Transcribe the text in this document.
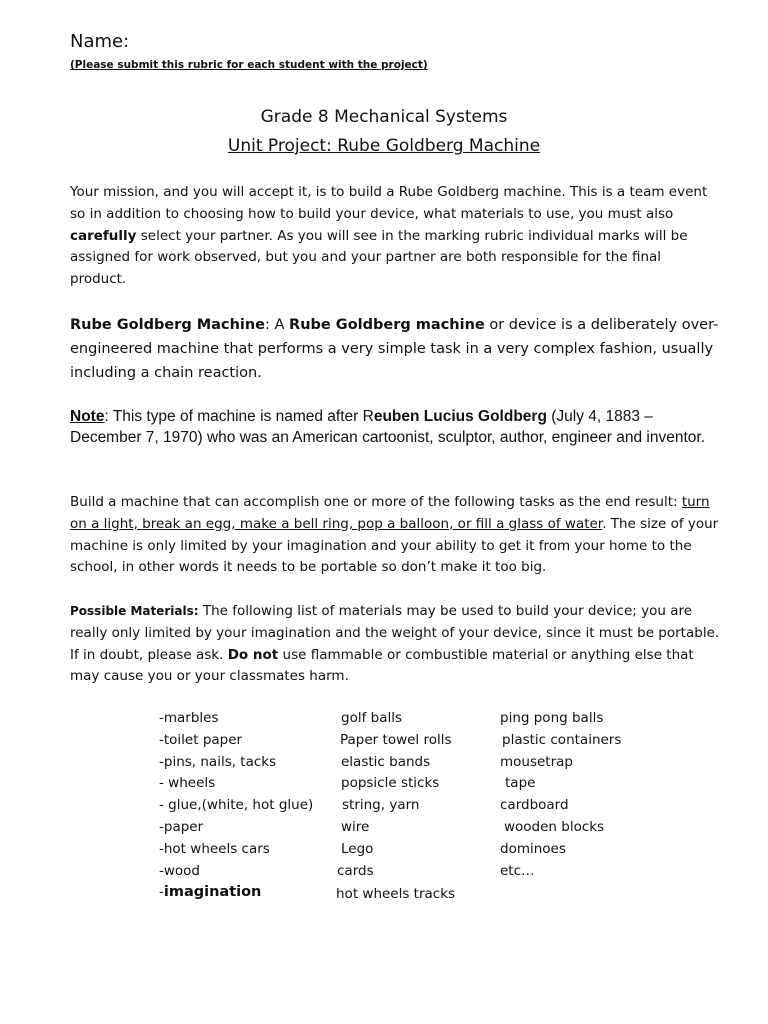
Name:
(Please submit this rubric for each student with the project)
Grade 8 Mechanical Systems
Unit Project: Rube Goldberg Machine
Your mission, and you will accept it, is to build a Rube Goldberg machine. This is a team event so in addition to choosing how to build your device, what materials to use, you must also carefully select your partner. As you will see in the marking rubric individual marks will be assigned for work observed, but you and your partner are both responsible for the final product.
Rube Goldberg Machine: A Rube Goldberg machine or device is a deliberately over-engineered machine that performs a very simple task in a very complex fashion, usually including a chain reaction.
Note: This type of machine is named after Reuben Lucius Goldberg (July 4, 1883 – December 7, 1970) who was an American cartoonist, sculptor, author, engineer and inventor.
Build a machine that can accomplish one or more of the following tasks as the end result: turn on a light, break an egg, make a bell ring, pop a balloon, or fill a glass of water. The size of your machine is only limited by your imagination and your ability to get it from your home to the school, in other words it needs to be portable so don’t make it too big.
Possible Materials: The following list of materials may be used to build your device; you are really only limited by your imagination and the weight of your device, since it must be portable. If in doubt, please ask. Do not use flammable or combustible material or anything else that may cause you or your classmates harm.
-marbles
-toilet paper
-pins, nails, tacks
- wheels
- glue,(white, hot glue)
-paper
-hot wheels cars
-wood
-imagination
golf balls
Paper towel rolls
elastic bands
popsicle sticks
string, yarn
wire
Lego
cards
hot wheels tracks
ping pong balls
plastic containers
mousetrap
tape
cardboard
wooden blocks
dominoes
etc…
